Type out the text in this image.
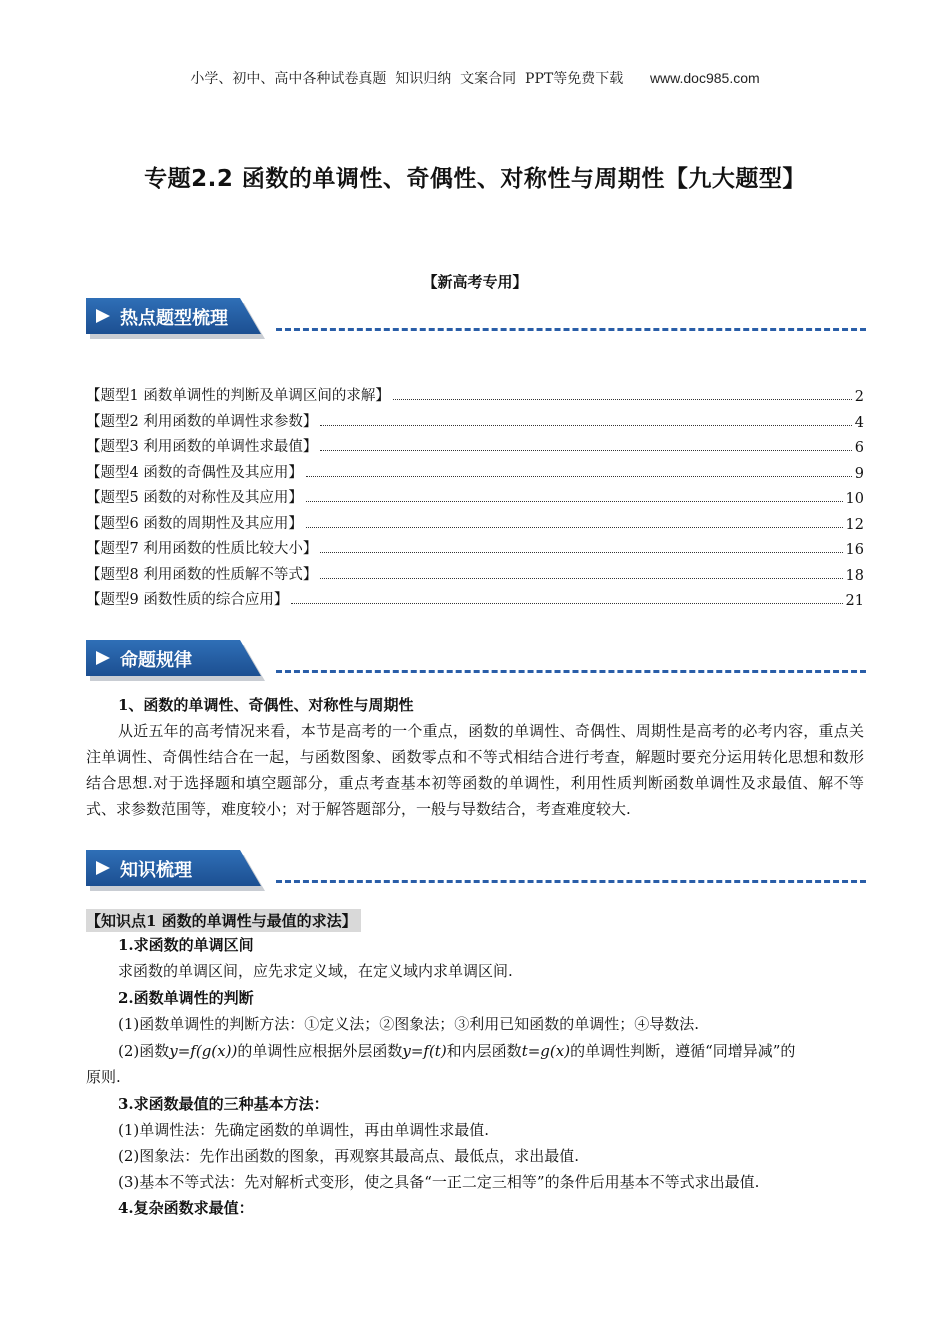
小学、初中、高中各种试卷真题  知识归纳  文案合同  PPT等免费下载 www.doc985.com
专题2.2 函数的单调性、奇偶性、对称性与周期性【九大题型】
【新高考专用】
热点题型梳理
【题型1 函数单调性的判断及单调区间的求解】	2
【题型2 利用函数的单调性求参数】	4
【题型3 利用函数的单调性求最值】	6
【题型4 函数的奇偶性及其应用】	9
【题型5 函数的对称性及其应用】	10
【题型6 函数的周期性及其应用】	12
【题型7 利用函数的性质比较大小】	16
【题型8 利用函数的性质解不等式】	18
【题型9 函数性质的综合应用】	21
命题规律
1、函数的单调性、奇偶性、对称性与周期性
从近五年的高考情况来看，本节是高考的一个重点，函数的单调性、奇偶性、周期性是高考的必考内容，重点关注单调性、奇偶性结合在一起，与函数图象、函数零点和不等式相结合进行考查，解题时要充分运用转化思想和数形结合思想.对于选择题和填空题部分，重点考查基本初等函数的单调性，利用性质判断函数单调性及求最值、解不等式、求参数范围等，难度较小；对于解答题部分，一般与导数结合，考查难度较大.
知识梳理
【知识点1 函数的单调性与最值的求法】
1.求函数的单调区间
求函数的单调区间，应先求定义域，在定义域内求单调区间.
2.函数单调性的判断
(1)函数单调性的判断方法：①定义法；②图象法；③利用已知函数的单调性；④导数法.
(2)函数y=f(g(x))的单调性应根据外层函数y=f(t)和内层函数t=g(x)的单调性判断，遵循“同增异减”的
原则.
3.求函数最值的三种基本方法：
(1)单调性法：先确定函数的单调性，再由单调性求最值.
(2)图象法：先作出函数的图象，再观察其最高点、最低点，求出最值.
(3)基本不等式法：先对解析式变形，使之具备“一正二定三相等”的条件后用基本不等式求出最值.
4.复杂函数求最值：
